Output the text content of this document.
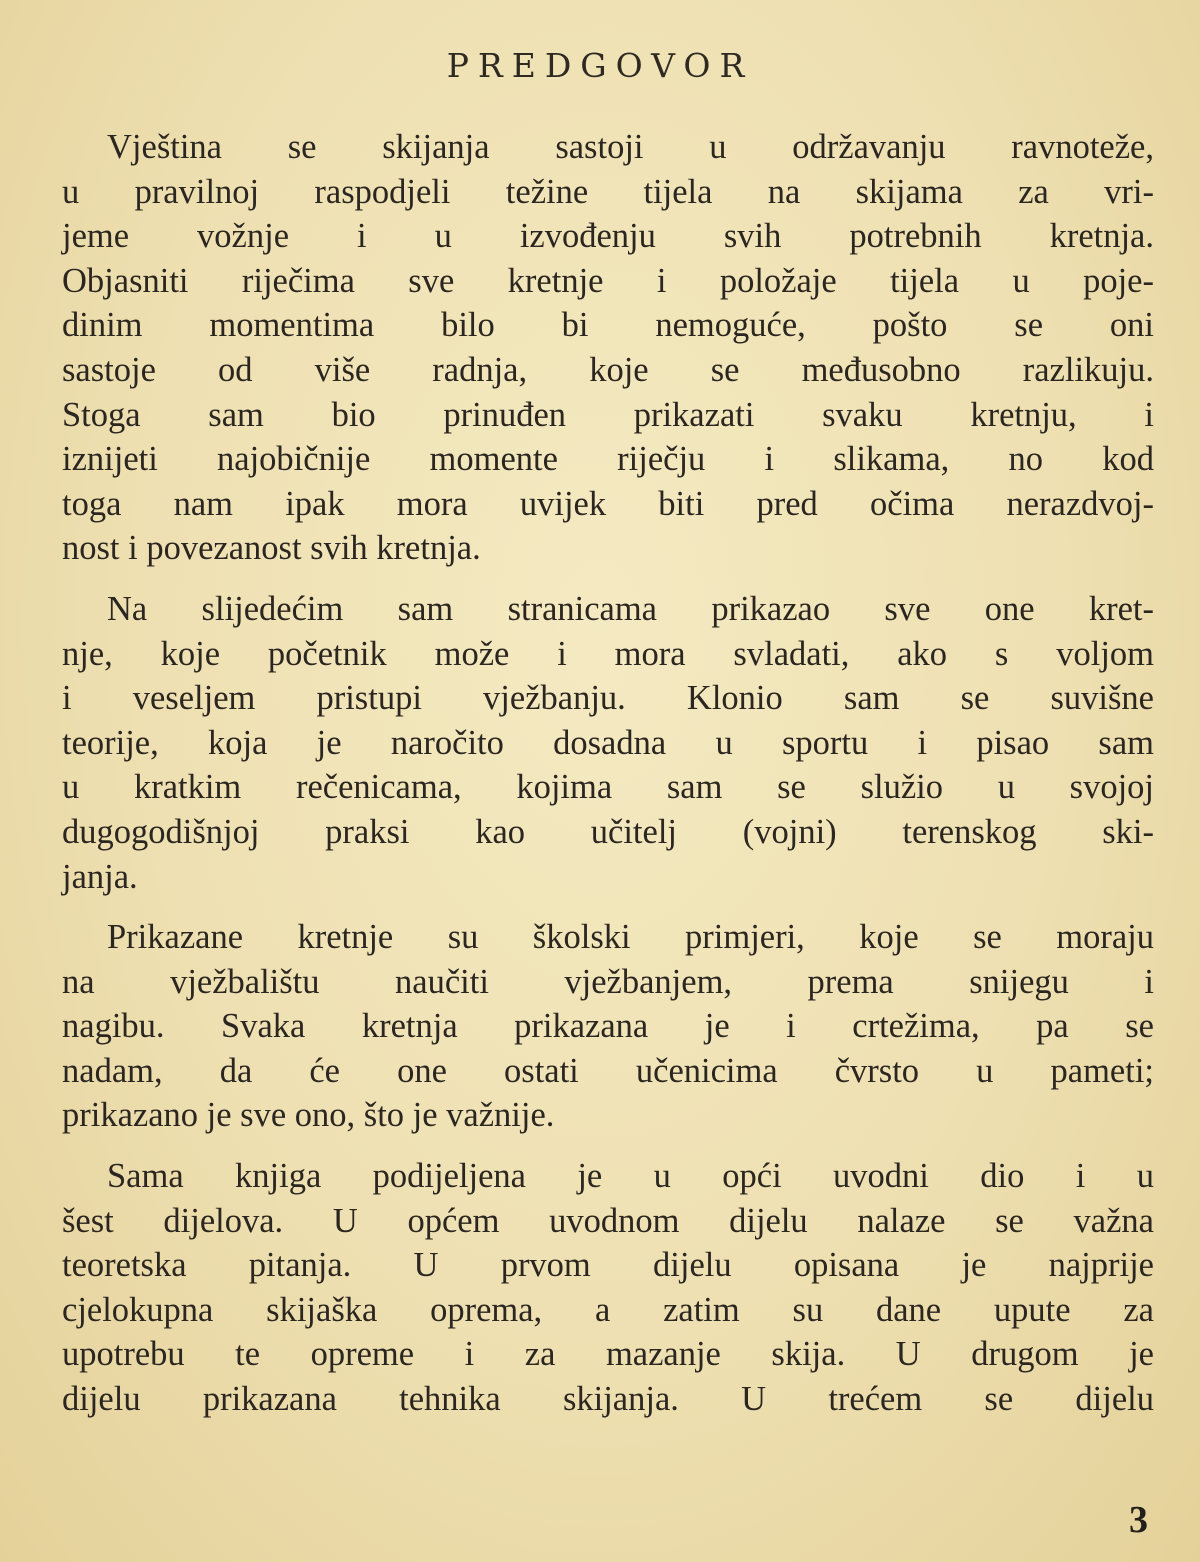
PREDGOVOR
Vještina se skijanja sastoji u održavanju ravnoteže,
u pravilnoj raspodjeli težine tijela na skijama za vri-
jeme vožnje i u izvođenju svih potrebnih kretnja.
Objasniti riječima sve kretnje i položaje tijela u poje-
dinim momentima bilo bi nemoguće, pošto se oni
sastoje od više radnja, koje se međusobno razlikuju.
Stoga sam bio prinuđen prikazati svaku kretnju, i
iznijeti najobičnije momente riječju i slikama, no kod
toga nam ipak mora uvijek biti pred očima nerazdvoj-
nost i povezanost svih kretnja.
Na slijedećim sam stranicama prikazao sve one kret-
nje, koje početnik može i mora svladati, ako s voljom
i veseljem pristupi vježbanju. Klonio sam se suvišne
teorije, koja je naročito dosadna u sportu i pisao sam
u kratkim rečenicama, kojima sam se služio u svojoj
dugogodišnjoj praksi kao učitelj (vojni) terenskog ski-
janja.
Prikazane kretnje su školski primjeri, koje se moraju
na vježbalištu naučiti vježbanjem, prema snijegu i
nagibu. Svaka kretnja prikazana je i crtežima, pa se
nadam, da će one ostati učenicima čvrsto u pameti;
prikazano je sve ono, što je važnije.
Sama knjiga podijeljena je u opći uvodni dio i u
šest dijelova. U općem uvodnom dijelu nalaze se važna
teoretska pitanja. U prvom dijelu opisana je najprije
cjelokupna skijaška oprema, a zatim su dane upute za
upotrebu te opreme i za mazanje skija. U drugom je
dijelu prikazana tehnika skijanja. U trećem se dijelu
3
